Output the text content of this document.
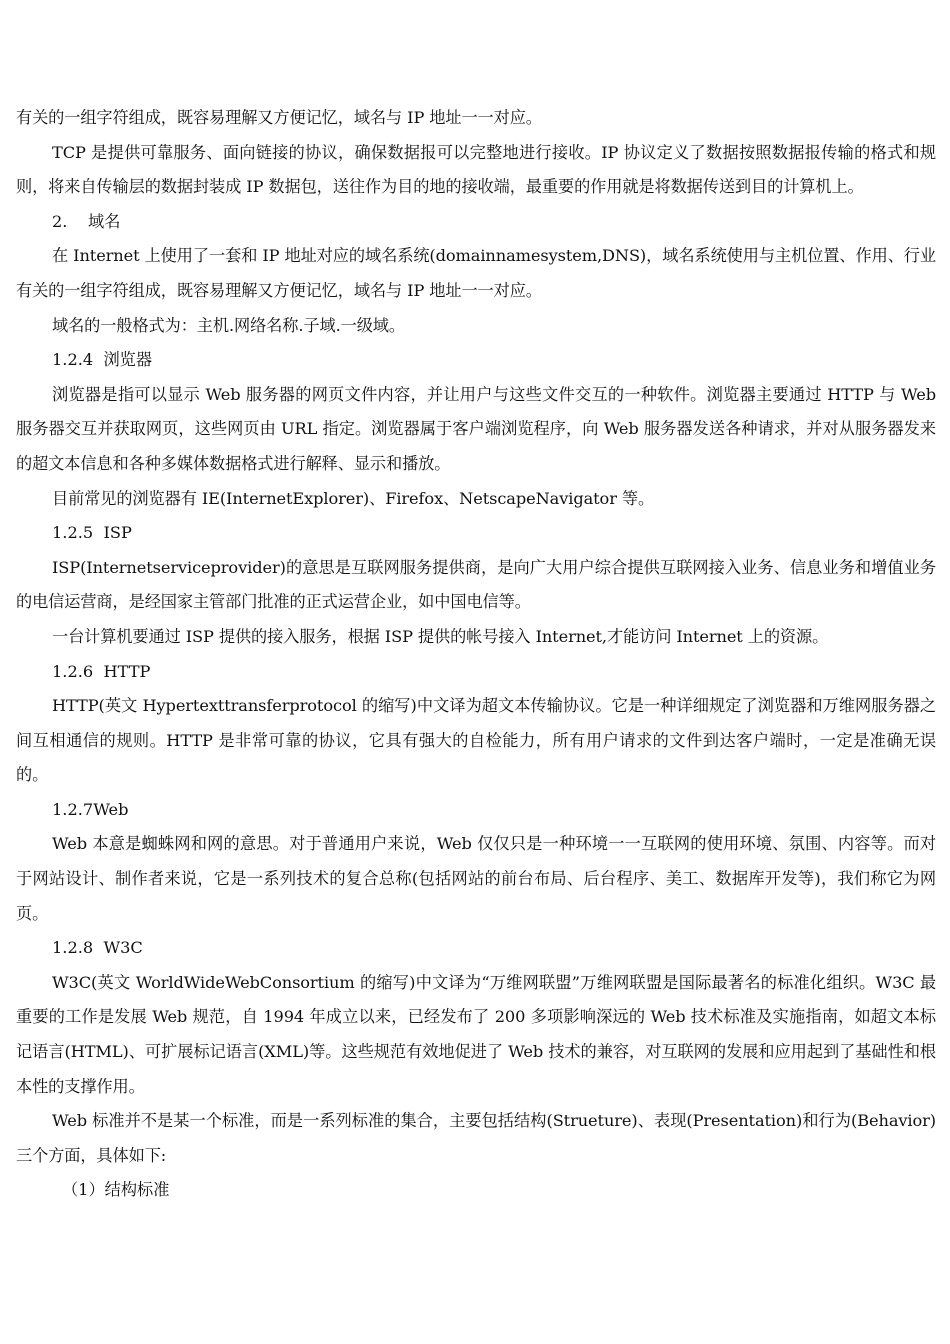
有关的一组字符组成，既容易理解又方便记忆，域名与 IP 地址一一对应。

TCP 是提供可靠服务、面向链接的协议，确保数据报可以完整地进行接收。IP 协议定义了数据按照数据报传输的格式和规则，将来自传输层的数据封装成 IP 数据包，送往作为目的地的接收端，最重要的作用就是将数据传送到目的计算机上。

2.    域名

在 Internet 上使用了一套和 IP 地址对应的域名系统(domainnamesystem,DNS)，域名系统使用与主机位置、作用、行业有关的一组字符组成，既容易理解又方便记忆，域名与 IP 地址一一对应。

域名的一般格式为：主机.网络名称.子域.一级域。

1.2.4  浏览器

浏览器是指可以显示 Web 服务器的网页文件内容，并让用户与这些文件交互的一种软件。浏览器主要通过 HTTP 与 Web 服务器交互并获取网页，这些网页由 URL 指定。浏览器属于客户端浏览程序，向 Web 服务器发送各种请求，并对从服务器发来的超文本信息和各种多媒体数据格式进行解释、显示和播放。

目前常见的浏览器有 IE(InternetExplorer)、Firefox、NetscapeNavigator 等。

1.2.5  ISP

ISP(Internetserviceprovider)的意思是互联网服务提供商，是向广大用户综合提供互联网接入业务、信息业务和增值业务的电信运营商，是经国家主管部门批准的正式运营企业，如中国电信等。

一台计算机要通过 ISP 提供的接入服务，根据 ISP 提供的帐号接入 Internet,才能访问 Internet 上的资源。

1.2.6  HTTP

HTTP(英文 Hypertexttransferprotocol 的缩写)中文译为超文本传输协议。它是一种详细规定了浏览器和万维网服务器之间互相通信的规则。HTTP 是非常可靠的协议，它具有强大的自检能力，所有用户请求的文件到达客户端时，一定是准确无误的。

1.2.7Web

Web 本意是蜘蛛网和网的意思。对于普通用户来说，Web 仅仅只是一种环境一一互联网的使用环境、氛围、内容等。而对于网站设计、制作者来说，它是一系列技术的复合总称(包括网站的前台布局、后台程序、美工、数据库开发等)，我们称它为网页。

1.2.8  W3C

W3C(英文 WorldWideWebConsortium 的缩写)中文译为“万维网联盟”万维网联盟是国际最著名的标准化组织。W3C 最重要的工作是发展 Web 规范，自 1994 年成立以来，已经发布了 200 多项影响深远的 Web 技术标准及实施指南，如超文本标记语言(HTML)、可扩展标记语言(XML)等。这些规范有效地促进了 Web 技术的兼容，对互联网的发展和应用起到了基础性和根本性的支撑作用。

Web 标准并不是某一个标准，而是一系列标准的集合，主要包括结构(Strueture)、表现(Presentation)和行为(Behavior)三个方面，具体如下:

（1）结构标准
